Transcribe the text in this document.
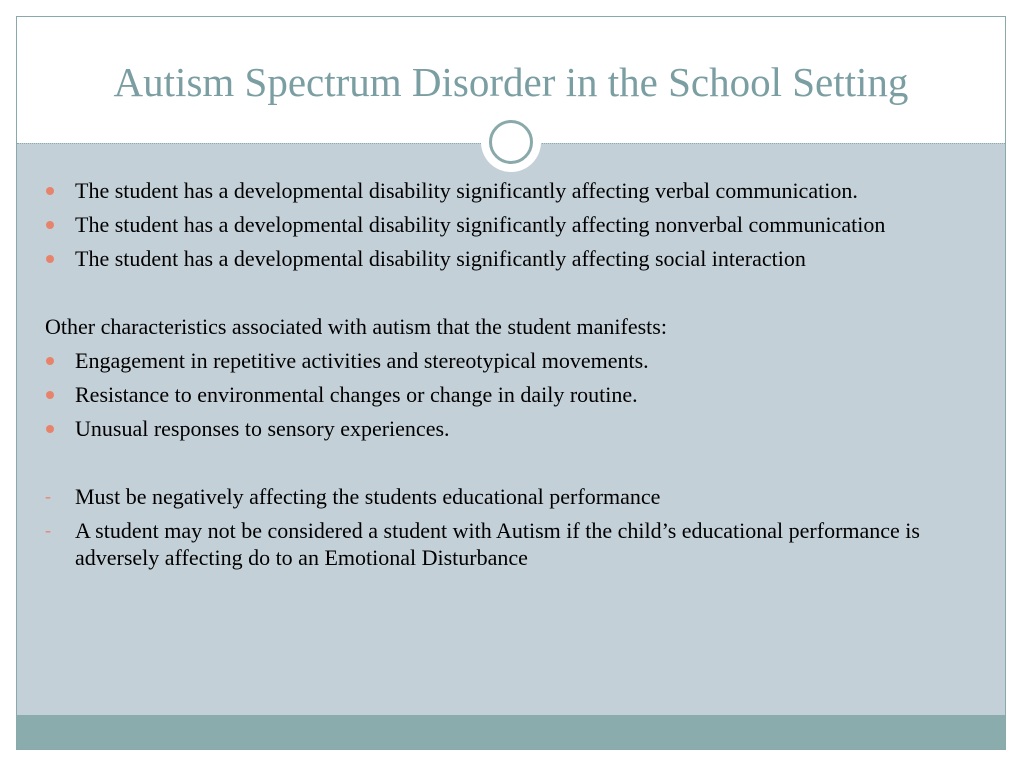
Autism Spectrum Disorder in the School Setting
The student has a developmental disability significantly affecting verbal communication.
The student has a developmental disability significantly affecting nonverbal communication
The student has a developmental disability significantly affecting social interaction
Other characteristics associated with autism that the student manifests:
Engagement in repetitive activities and stereotypical movements.
Resistance to environmental changes or change in daily routine.
Unusual responses to sensory experiences.
- Must be negatively affecting the students educational performance
- A student may not be considered a student with Autism if the child’s educational performance is adversely affecting do to an Emotional Disturbance
